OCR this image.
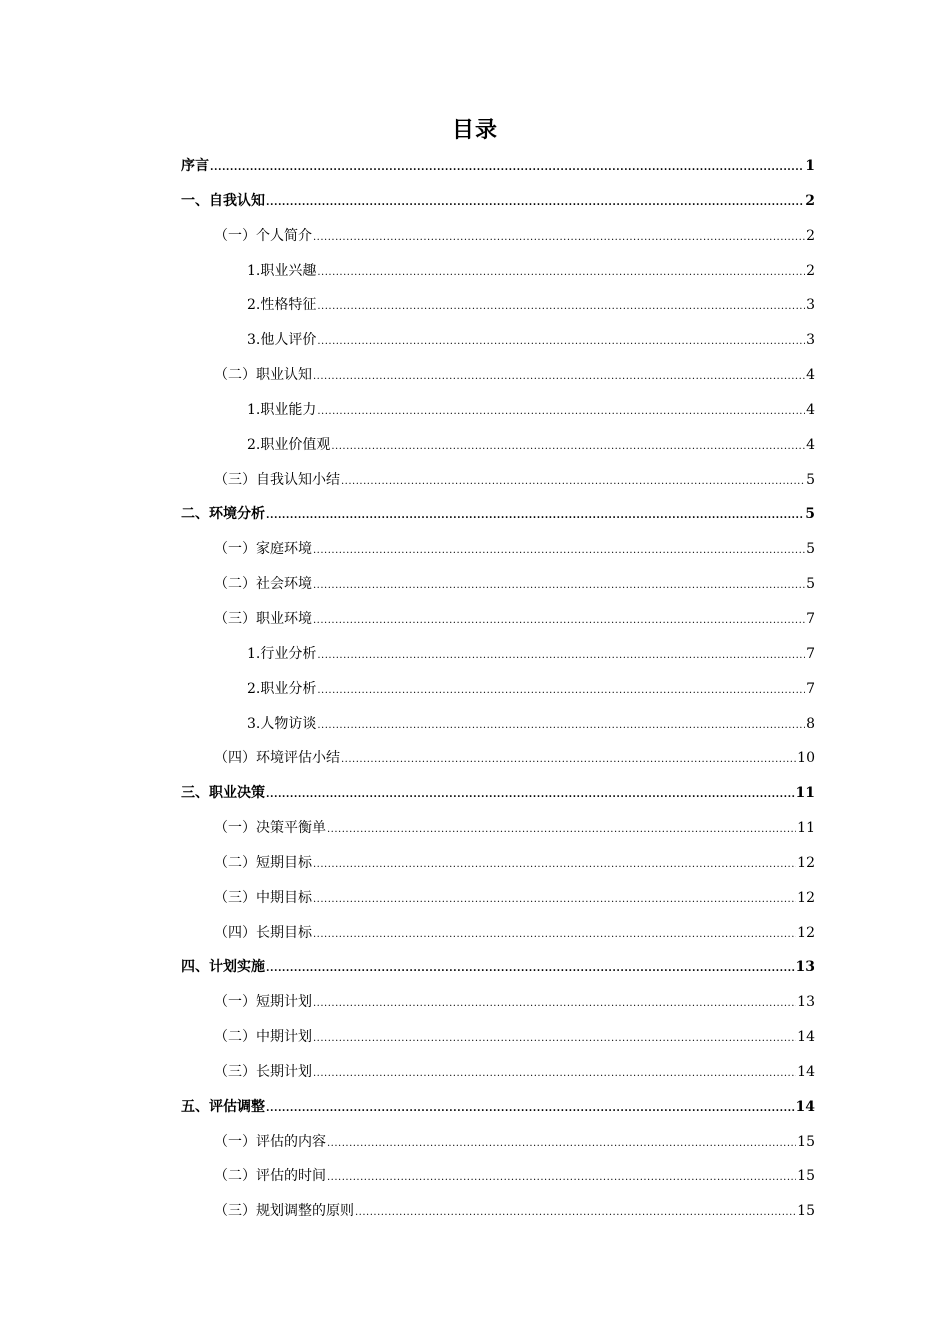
目录
序言 .....	1
一、自我认知 .....	2
（一）个人简介 .....	2
1.职业兴趣 .....	2
2.性格特征 .....	3
3.他人评价 .....	3
（二）职业认知 .....	4
1.职业能力 .....	4
2.职业价值观 .....	4
（三）自我认知小结 .....	5
二、环境分析 .....	5
（一）家庭环境 .....	5
（二）社会环境 .....	5
（三）职业环境 .....	7
1.行业分析 .....	7
2.职业分析 .....	7
3.人物访谈 .....	8
（四）环境评估小结 .....	10
三、职业决策 .....	11
（一）决策平衡单 .....	11
（二）短期目标 .....	12
（三）中期目标 .....	12
（四）长期目标 .....	12
四、计划实施 .....	13
（一）短期计划 .....	13
（二）中期计划 .....	14
（三）长期计划 .....	14
五、评估调整 .....	14
（一）评估的内容 .....	15
（二）评估的时间 .....	15
（三）规划调整的原则 .....	15
